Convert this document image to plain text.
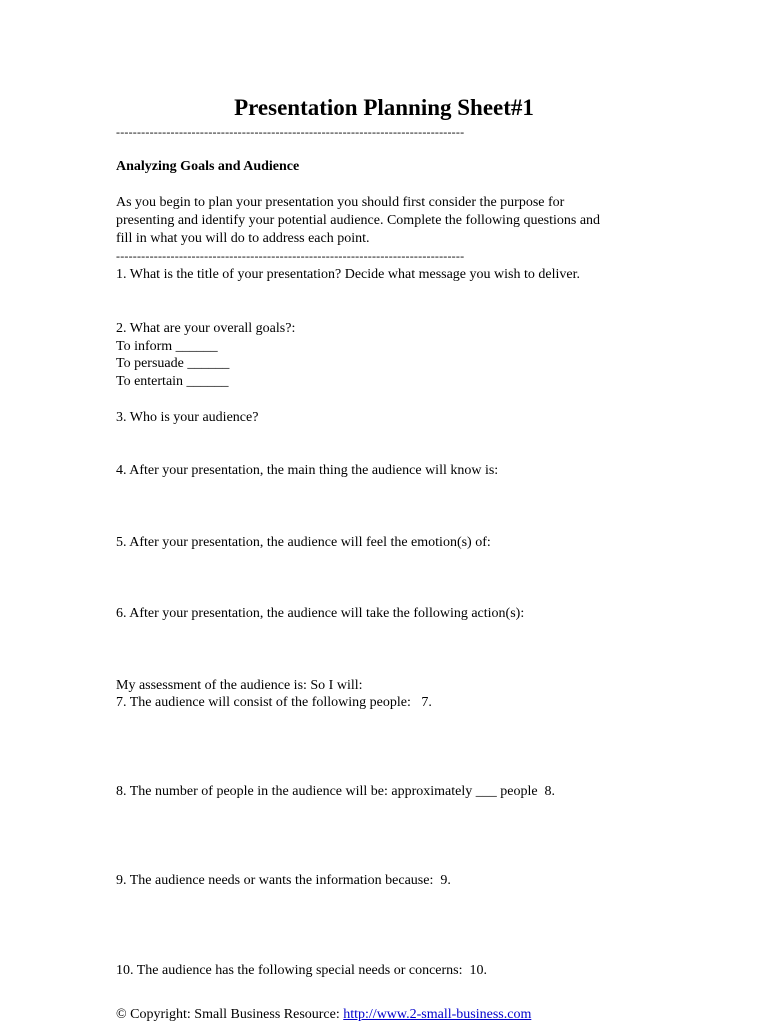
Presentation Planning Sheet#1
-----------------------------------------------------------------------------------
Analyzing Goals and Audience
As you begin to plan your presentation you should first consider the purpose for
presenting and identify your potential audience. Complete the following questions and
fill in what you will do to address each point.
-----------------------------------------------------------------------------------
1. What is the title of your presentation? Decide what message you wish to deliver.
2. What are your overall goals?:
To inform ______
To persuade ______
To entertain ______
3. Who is your audience?
4. After your presentation, the main thing the audience will know is:
5. After your presentation, the audience will feel the emotion(s) of:
6. After your presentation, the audience will take the following action(s):
My assessment of the audience is: So I will:
7. The audience will consist of the following people:   7.
8. The number of people in the audience will be: approximately ___ people  8.
9. The audience needs or wants the information because:  9.
10. The audience has the following special needs or concerns:  10.
© Copyright: Small Business Resource: http://www.2-small-business.com
